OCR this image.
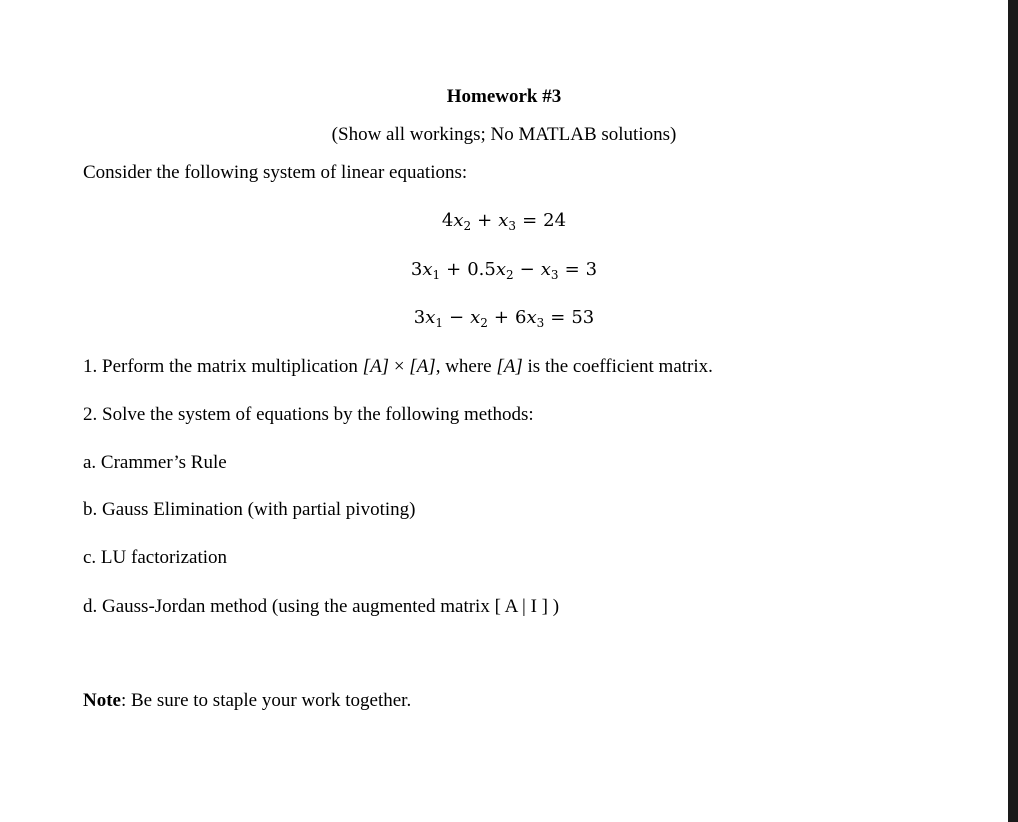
Homework #3
(Show all workings; No MATLAB solutions)
Consider the following system of linear equations:
$4x_2 + x_3 = 24$
$3x_1 + 0.5x_2 - x_3 = 3$
$3x_1 - x_2 + 6x_3 = 53$
1. Perform the matrix multiplication [A] × [A], where [A] is the coefficient matrix.
2. Solve the system of equations by the following methods:
a. Crammer’s Rule
b. Gauss Elimination (with partial pivoting)
c. LU factorization
d. Gauss-Jordan method (using the augmented matrix [ A | I ] )
Note: Be sure to staple your work together.
